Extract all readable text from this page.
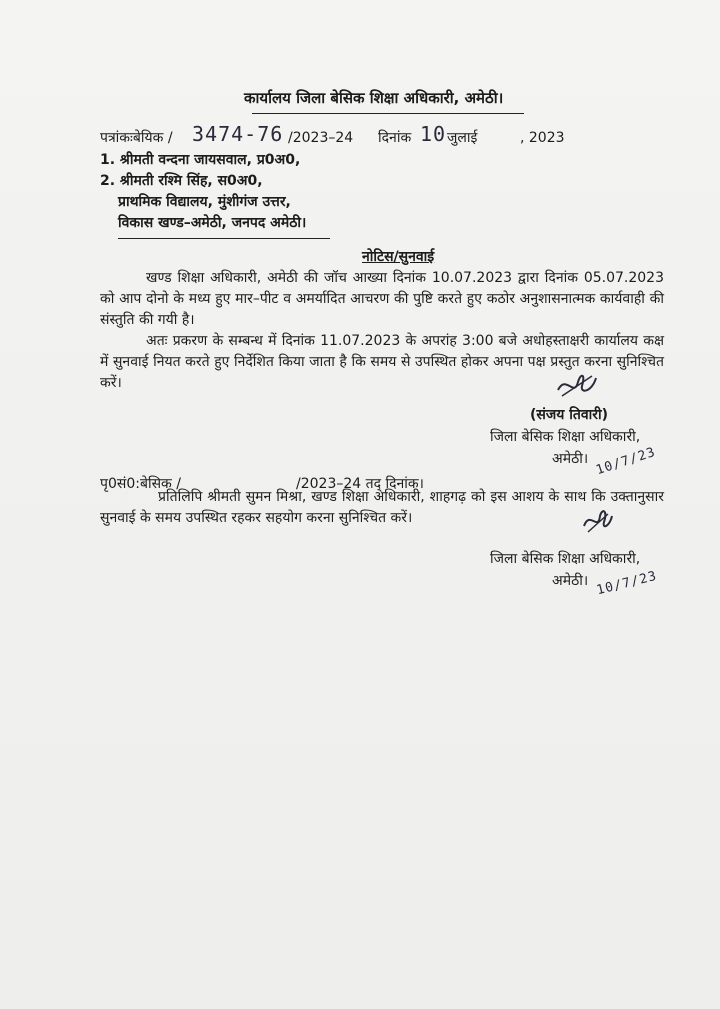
कार्यालय जिला बेसिक शिक्षा अधिकारी, अमेठी।
पत्रांकःबेयिक / 3474-76 /2023–24 दिनांक 10 जुलाई	, 2023
1. श्रीमती वन्दना जायसवाल, प्र0अ0,
2. श्रीमती रश्मि सिंह, स0अ0,
प्राथमिक विद्यालय, मुंशीगंज उत्तर,
विकास खण्ड–अमेठी, जनपद अमेठी।
नोटिस/सुनवाई
खण्ड शिक्षा अधिकारी, अमेठी की जॉच आख्या दिनांक 10.07.2023 द्वारा दिनांक 05.07.2023 को आप दोनो के मध्य हुए मार–पीट व अमर्यादित आचरण की पुष्टि करते हुए कठोर अनुशासनात्मक कार्यवाही की संस्तुति की गयी है।
अतः प्रकरण के सम्बन्ध में दिनांक 11.07.2023 के अपरांह 3:00 बजे अधोहस्ताक्षरी कार्यालय कक्ष में सुनवाई नियत करते हुए निर्देशित किया जाता है कि समय से उपस्थित होकर अपना पक्ष प्रस्तुत करना सुनिश्चित करें।
(संजय तिवारी)
जिला बेसिक शिक्षा अधिकारी,
अमेठी। 10/7/23
पृ0सं0:बेसिक /	/2023–24 तद् दिनांक।
प्रतिलिपि श्रीमती सुमन मिश्रा, खण्ड शिक्षा अधिकारी, शाहगढ़ को इस आशय के साथ कि उक्तानुसार सुनवाई के समय उपस्थित रहकर सहयोग करना सुनिश्चित करें।
जिला बेसिक शिक्षा अधिकारी,
अमेठी। 10/7/23
